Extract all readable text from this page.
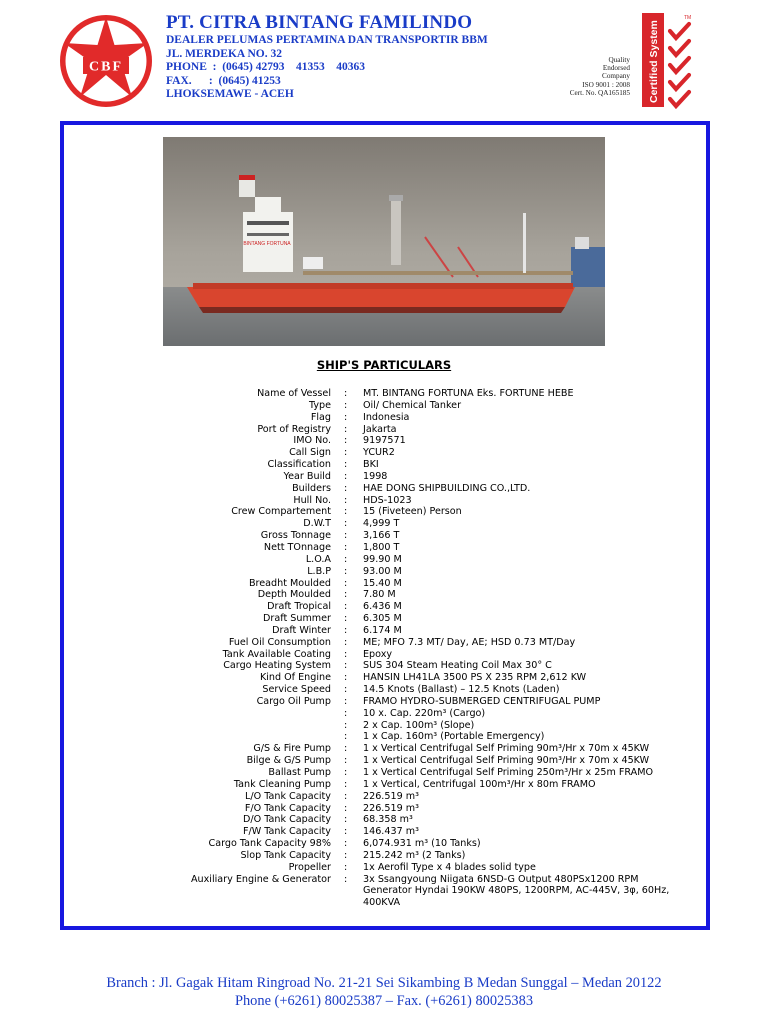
CBF
PT. CITRA BINTANG FAMILINDO
DEALER PELUMAS PERTAMINA DAN TRANSPORTIR BBM
JL. MERDEKA NO. 32
PHONE  :  (0645) 42793    41353    40363
FAX.      :  (0645) 41253
LHOKSEMAWE - ACEH
Quality
Endorsed
Company
ISO 9001 : 2008
Cert. No. QA165185 Certified System
TM
BINTANG FORTUNA
SHIP'S PARTICULARS
Name of Vessel : MT. BINTANG FORTUNA Eks. FORTUNE HEBE
Type : Oil/ Chemical Tanker
Flag : Indonesia
Port of Registry : Jakarta
IMO No. : 9197571
Call Sign : YCUR2
Classification : BKI
Year Build : 1998
Builders : HAE DONG SHIPBUILDING CO.,LTD.
Hull No. : HDS-1023
Crew Compartement : 15 (Fiveteen) Person
D.W.T : 4,999 T
Gross Tonnage : 3,166 T
Nett TOnnage : 1,800 T
L.O.A : 99.90 M
L.B.P : 93.00 M
Breadht Moulded : 15.40 M
Depth Moulded : 7.80 M
Draft Tropical : 6.436 M
Draft Summer : 6.305 M
Draft Winter : 6.174 M
Fuel Oil Consumption : ME; MFO 7.3 MT/ Day, AE; HSD 0.73 MT/Day
Tank Available Coating : Epoxy
Cargo Heating System : SUS 304 Steam Heating Coil Max 30° C
Kind Of Engine : HANSIN LH41LA 3500 PS X 235 RPM 2,612 KW
Service Speed : 14.5 Knots (Ballast) – 12.5 Knots (Laden)
Cargo Oil Pump : FRAMO HYDRO-SUBMERGED CENTRIFUGAL PUMP
: 10 x. Cap. 220m³ (Cargo)
: 2 x Cap. 100m³ (Slope)
: 1 x Cap. 160m³ (Portable Emergency)
G/S & Fire Pump : 1 x Vertical Centrifugal Self Priming 90m³/Hr x 70m x 45KW
Bilge & G/S Pump : 1 x Vertical Centrifugal Self Priming 90m³/Hr x 70m x 45KW
Ballast Pump : 1 x Vertical Centrifugal Self Priming 250m³/Hr x 25m FRAMO
Tank Cleaning Pump : 1 x Vertical, Centrifugal 100m³/Hr x 80m FRAMO
L/O Tank Capacity : 226.519 m³
F/O Tank Capacity : 226.519 m³
D/O Tank Capacity : 68.358 m³
F/W Tank Capacity : 146.437 m³
Cargo Tank Capacity 98% : 6,074.931 m³ (10 Tanks)
Slop Tank Capacity : 215.242 m³ (2 Tanks)
Propeller : 1x Aerofil Type x 4 blades solid type
Auxiliary Engine & Generator : 3x Ssangyoung Niigata 6NSD-G Output 480PSx1200 RPM
Generator Hyndai 190KW 480PS, 1200RPM, AC-445V, 3φ, 60Hz,
400KVA
Branch : Jl. Gagak Hitam Ringroad No. 21-21 Sei Sikambing B Medan Sunggal – Medan 20122
Phone (+6261) 80025387 – Fax. (+6261) 80025383
